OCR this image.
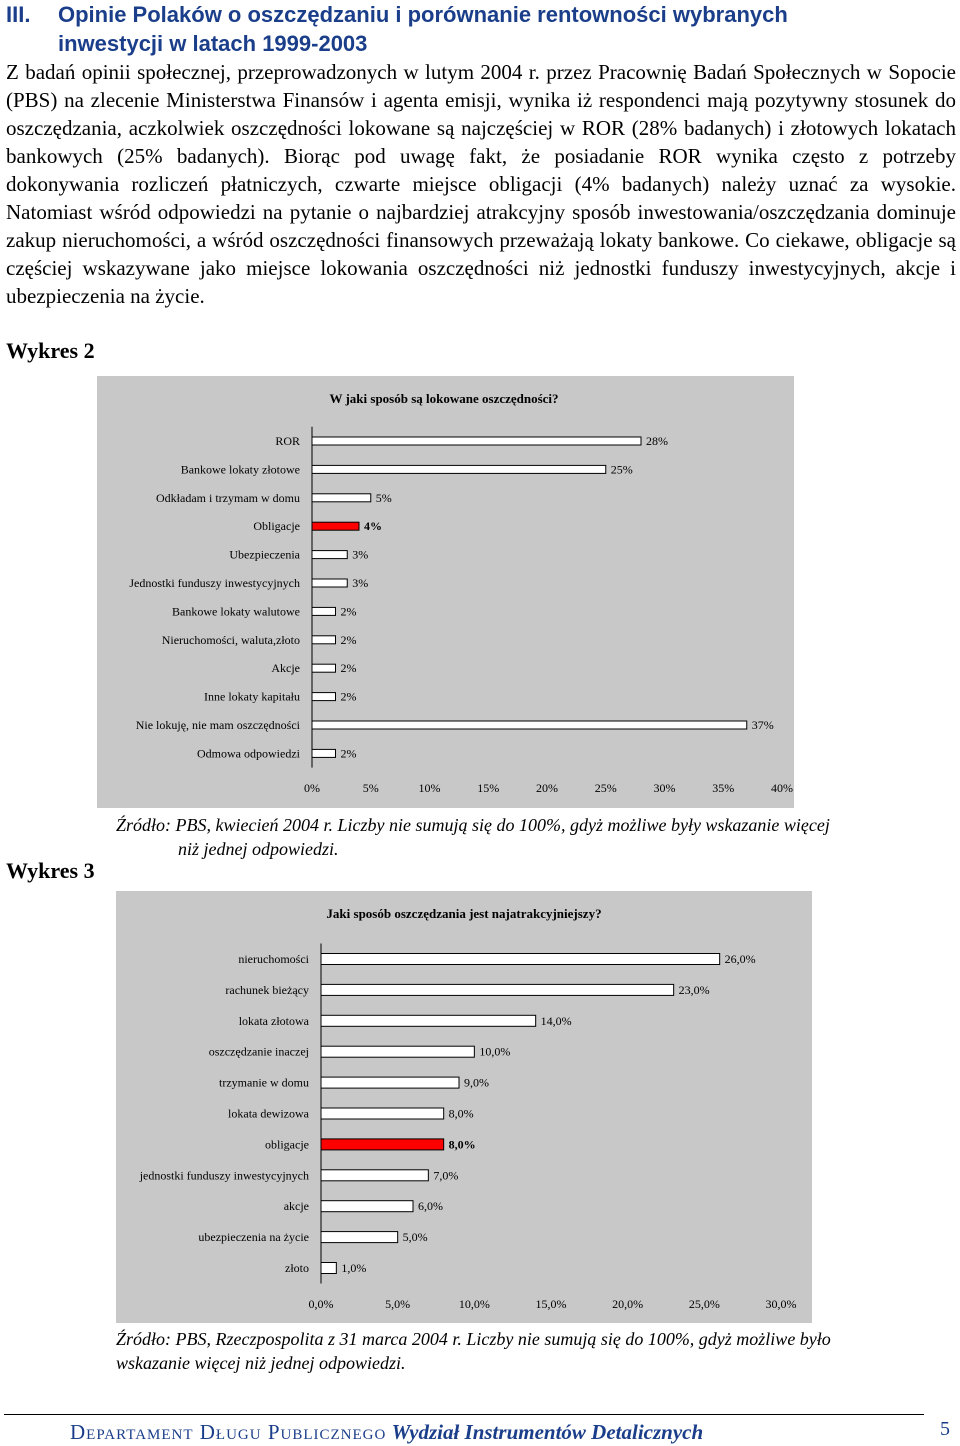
III. Opinie Polaków o oszczędzaniu i porównanie rentowności wybranych
inwestycji w latach 1999-2003
Z badań opinii społecznej, przeprowadzonych w lutym 2004 r. przez Pracownię Badań Społecznych w Sopocie (PBS) na zlecenie Ministerstwa Finansów i agenta emisji, wynika iż respondenci mają pozytywny stosunek do oszczędzania, aczkolwiek oszczędności lokowane są najczęściej w ROR (28% badanych) i złotowych lokatach bankowych (25% badanych). Biorąc pod uwagę fakt, że posiadanie ROR wynika często z potrzeby dokonywania rozliczeń płatniczych, czwarte miejsce obligacji (4% badanych) należy uznać za wysokie. Natomiast wśród odpowiedzi na pytanie o najbardziej atrakcyjny sposób inwestowania/oszczędzania dominuje zakup nieruchomości, a wśród oszczędności finansowych przeważają lokaty bankowe. Co ciekawe, obligacje są częściej wskazywane jako miejsce lokowania oszczędności niż jednostki funduszy inwestycyjnych, akcje i ubezpieczenia na życie.
Wykres 2
W jaki sposób są lokowane oszczędności?
ROR	28%
Bankowe lokaty złotowe	25%
Odkładam i trzymam w domu	5%
Obligacje	4%
Ubezpieczenia	3%
Jednostki funduszy inwestycyjnych	3%
Bankowe lokaty walutowe	2%
Nieruchomości, waluta,złoto	2%
Akcje	2%
Inne lokaty kapitału	2%
Nie lokuję, nie mam oszczędności	37%
Odmowa odpowiedzi	2%
0%	5%	10%	15%	20%	25%	30%	35%	40%
Źródło: PBS, kwiecień 2004 r. Liczby nie sumują się do 100%, gdyż możliwe były wskazanie więcej
niż jednej odpowiedzi.
Wykres 3
Jaki sposób oszczędzania jest najatrakcyjniejszy?
nieruchomości	26,0%
rachunek bieżący	23,0%
lokata złotowa	14,0%
oszczędzanie inaczej	10,0%
trzymanie w domu	9,0%
lokata dewizowa	8,0%
obligacje	8,0%
jednostki funduszy inwestycyjnych	7,0%
akcje	6,0%
ubezpieczenia na życie	5,0%
złoto	1,0%
0,0%	5,0%	10,0%	15,0%	20,0%	25,0%	30,0%
Źródło: PBS, Rzeczpospolita z 31 marca 2004 r. Liczby nie sumują się do 100%, gdyż możliwe było
wskazanie więcej niż jednej odpowiedzi.
Departament Długu Publicznego Wydział Instrumentów Detalicznych	5
